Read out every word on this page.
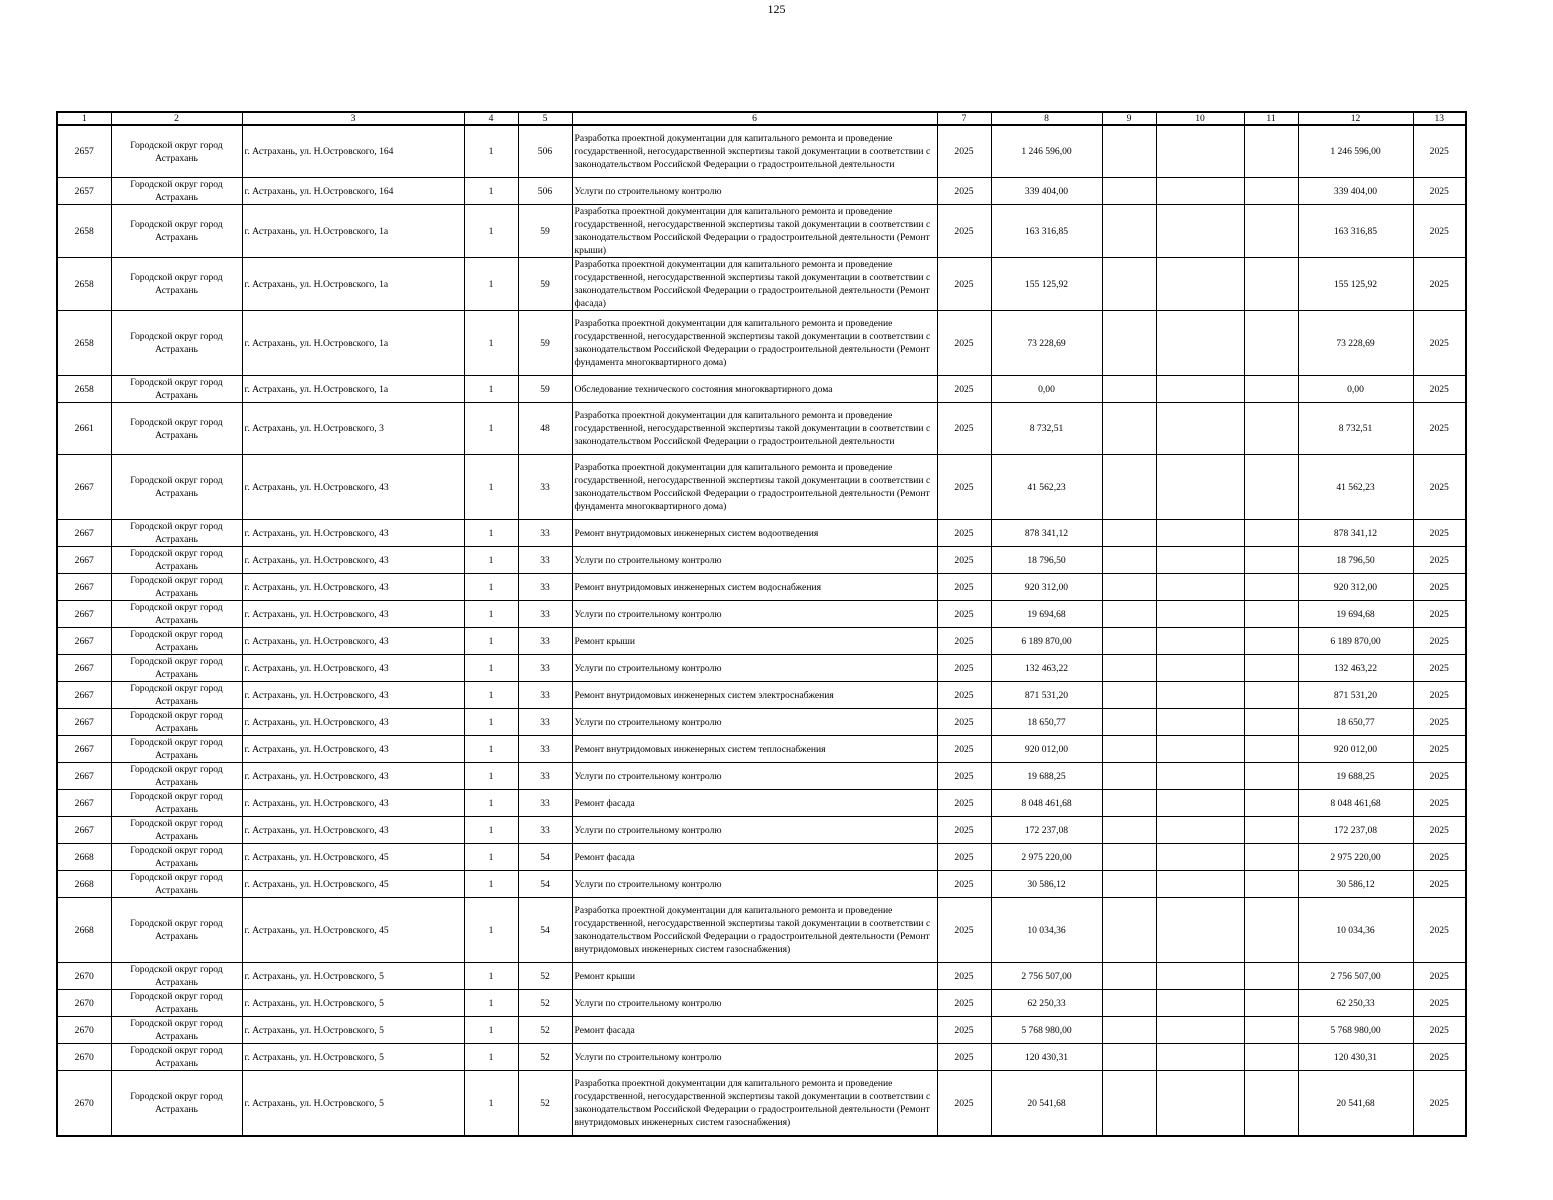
125
1	2	3	4	5	6	7	8	9	10	11	12	13
2657	Городской округ город Астрахань	г. Астрахань, ул. Н.Островского, 164	1	506	Разработка проектной документации для капитального ремонта и проведение государственной, негосударственной экспертизы такой документации в соответствии с законодательством Российской Федерации о градостроительной деятельности	2025	1 246 596,00				1 246 596,00	2025
2657	Городской округ город Астрахань	г. Астрахань, ул. Н.Островского, 164	1	506	Услуги по строительному контролю	2025	339 404,00				339 404,00	2025
2658	Городской округ город Астрахань	г. Астрахань, ул. Н.Островского, 1а	1	59	Разработка проектной документации для капитального ремонта и проведение государственной, негосударственной экспертизы такой документации в соответствии с законодательством Российской Федерации о градостроительной деятельности (Ремонт крыши)	2025	163 316,85				163 316,85	2025
2658	Городской округ город Астрахань	г. Астрахань, ул. Н.Островского, 1а	1	59	Разработка проектной документации для капитального ремонта и проведение государственной, негосударственной экспертизы такой документации в соответствии с законодательством Российской Федерации о градостроительной деятельности (Ремонт фасада)	2025	155 125,92				155 125,92	2025
2658	Городской округ город Астрахань	г. Астрахань, ул. Н.Островского, 1а	1	59	Разработка проектной документации для капитального ремонта и проведение государственной, негосударственной экспертизы такой документации в соответствии с законодательством Российской Федерации о градостроительной деятельности (Ремонт фундамента многоквартирного дома)	2025	73 228,69				73 228,69	2025
2658	Городской округ город Астрахань	г. Астрахань, ул. Н.Островского, 1а	1	59	Обследование технического состояния многоквартирного дома	2025	0,00				0,00	2025
2661	Городской округ город Астрахань	г. Астрахань, ул. Н.Островского, 3	1	48	Разработка проектной документации для капитального ремонта и проведение государственной, негосударственной экспертизы такой документации в соответствии с законодательством Российской Федерации о градостроительной деятельности	2025	8 732,51				8 732,51	2025
2667	Городской округ город Астрахань	г. Астрахань, ул. Н.Островского, 43	1	33	Разработка проектной документации для капитального ремонта и проведение государственной, негосударственной экспертизы такой документации в соответствии с законодательством Российской Федерации о градостроительной деятельности (Ремонт фундамента многоквартирного дома)	2025	41 562,23				41 562,23	2025
2667	Городской округ город Астрахань	г. Астрахань, ул. Н.Островского, 43	1	33	Ремонт внутридомовых инженерных систем водоотведения	2025	878 341,12				878 341,12	2025
2667	Городской округ город Астрахань	г. Астрахань, ул. Н.Островского, 43	1	33	Услуги по строительному контролю	2025	18 796,50				18 796,50	2025
2667	Городской округ город Астрахань	г. Астрахань, ул. Н.Островского, 43	1	33	Ремонт внутридомовых инженерных систем водоснабжения	2025	920 312,00				920 312,00	2025
2667	Городской округ город Астрахань	г. Астрахань, ул. Н.Островского, 43	1	33	Услуги по строительному контролю	2025	19 694,68				19 694,68	2025
2667	Городской округ город Астрахань	г. Астрахань, ул. Н.Островского, 43	1	33	Ремонт крыши	2025	6 189 870,00				6 189 870,00	2025
2667	Городской округ город Астрахань	г. Астрахань, ул. Н.Островского, 43	1	33	Услуги по строительному контролю	2025	132 463,22				132 463,22	2025
2667	Городской округ город Астрахань	г. Астрахань, ул. Н.Островского, 43	1	33	Ремонт внутридомовых инженерных систем электроснабжения	2025	871 531,20				871 531,20	2025
2667	Городской округ город Астрахань	г. Астрахань, ул. Н.Островского, 43	1	33	Услуги по строительному контролю	2025	18 650,77				18 650,77	2025
2667	Городской округ город Астрахань	г. Астрахань, ул. Н.Островского, 43	1	33	Ремонт внутридомовых инженерных систем теплоснабжения	2025	920 012,00				920 012,00	2025
2667	Городской округ город Астрахань	г. Астрахань, ул. Н.Островского, 43	1	33	Услуги по строительному контролю	2025	19 688,25				19 688,25	2025
2667	Городской округ город Астрахань	г. Астрахань, ул. Н.Островского, 43	1	33	Ремонт фасада	2025	8 048 461,68				8 048 461,68	2025
2667	Городской округ город Астрахань	г. Астрахань, ул. Н.Островского, 43	1	33	Услуги по строительному контролю	2025	172 237,08				172 237,08	2025
2668	Городской округ город Астрахань	г. Астрахань, ул. Н.Островского, 45	1	54	Ремонт фасада	2025	2 975 220,00				2 975 220,00	2025
2668	Городской округ город Астрахань	г. Астрахань, ул. Н.Островского, 45	1	54	Услуги по строительному контролю	2025	30 586,12				30 586,12	2025
2668	Городской округ город Астрахань	г. Астрахань, ул. Н.Островского, 45	1	54	Разработка проектной документации для капитального ремонта и проведение государственной, негосударственной экспертизы такой документации в соответствии с законодательством Российской Федерации о градостроительной деятельности (Ремонт внутридомовых инженерных систем газоснабжения)	2025	10 034,36				10 034,36	2025
2670	Городской округ город Астрахань	г. Астрахань, ул. Н.Островского, 5	1	52	Ремонт крыши	2025	2 756 507,00				2 756 507,00	2025
2670	Городской округ город Астрахань	г. Астрахань, ул. Н.Островского, 5	1	52	Услуги по строительному контролю	2025	62 250,33				62 250,33	2025
2670	Городской округ город Астрахань	г. Астрахань, ул. Н.Островского, 5	1	52	Ремонт фасада	2025	5 768 980,00				5 768 980,00	2025
2670	Городской округ город Астрахань	г. Астрахань, ул. Н.Островского, 5	1	52	Услуги по строительному контролю	2025	120 430,31				120 430,31	2025
2670	Городской округ город Астрахань	г. Астрахань, ул. Н.Островского, 5	1	52	Разработка проектной документации для капитального ремонта и проведение государственной, негосударственной экспертизы такой документации в соответствии с законодательством Российской Федерации о градостроительной деятельности (Ремонт внутридомовых инженерных систем газоснабжения)	2025	20 541,68				20 541,68	2025
